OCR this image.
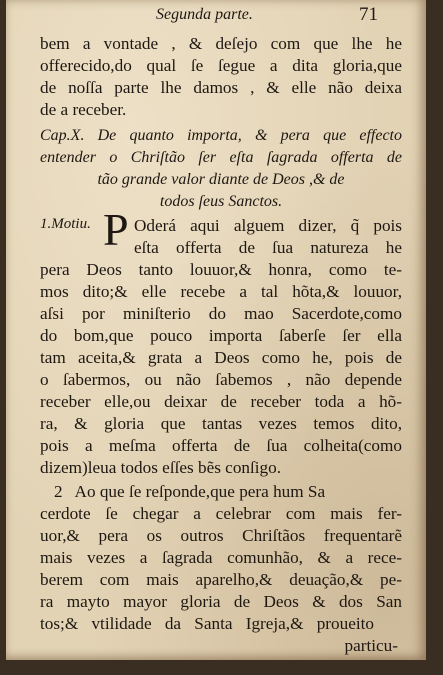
Segunda parte.	71
bem a vontade , & deſejo com que lhe he
offerecido,do qual ſe ſegue a dita gloria,que
de noſſa parte lhe damos , & elle não deixa
de a receber.
Cap.X. De quanto importa, & pera que effecto
entender o Chriſtão ſer eſta ſagrada offerta de
tão grande valor diante de Deos ,& de
todos ſeus Sanctos.
1.Motiu. P Oderá aqui alguem dizer, q̃ pois
eſta offerta de ſua natureza he
pera Deos tanto louuor,& honra, como te-
mos dito;& elle recebe a tal hõta,& louuor,
aſsi por miniſterio do mao Sacerdote,como
do bom,que pouco importa ſaberſe ſer ella
tam aceita,& grata a Deos como he, pois de
o ſabermos, ou não ſabemos , não depende
receber elle,ou deixar de receber toda a hõ-
ra, & gloria que tantas vezes temos dito,
pois a meſma offerta de ſua colheita(como
dizem)leua todos eſſes bẽs conſigo.
2   Ao que ſe reſponde,que pera hum Sa
cerdote ſe chegar a celebrar com mais fer-
uor,& pera os outros Chriſtãos frequentarẽ
mais vezes a ſagrada comunhão, & a rece-
berem com mais aparelho,& deuação,& pe-
ra mayto mayor gloria de Deos & dos San
tos;& vtilidade da Santa Igreja,& proueito
particu-
